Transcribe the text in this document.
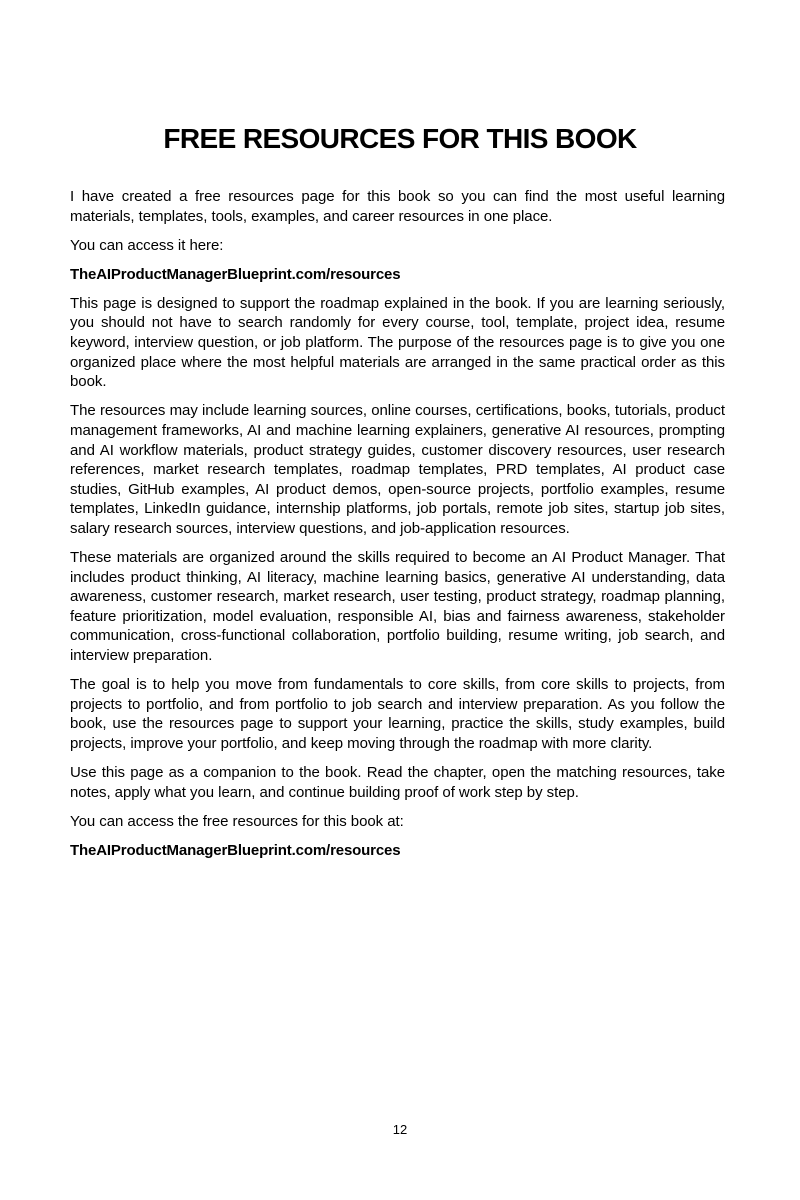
FREE RESOURCES FOR THIS BOOK

I have created a free resources page for this book so you can find the most useful learning materials, templates, tools, examples, and career resources in one place.

You can access it here:

TheAIProductManagerBlueprint.com/resources

This page is designed to support the roadmap explained in the book. If you are learning seriously, you should not have to search randomly for every course, tool, template, project idea, resume keyword, interview question, or job platform. The purpose of the resources page is to give you one organized place where the most helpful materials are arranged in the same practical order as this book.

The resources may include learning sources, online courses, certifications, books, tutorials, product management frameworks, AI and machine learning explainers, generative AI resources, prompting and AI workflow materials, product strategy guides, customer discovery resources, user research references, market research templates, roadmap templates, PRD templates, AI product case studies, GitHub examples, AI product demos, open-source projects, portfolio examples, resume templates, LinkedIn guidance, internship platforms, job portals, remote job sites, startup job sites, salary research sources, interview questions, and job-application resources.

These materials are organized around the skills required to become an AI Product Manager. That includes product thinking, AI literacy, machine learning basics, generative AI understanding, data awareness, customer research, market research, user testing, product strategy, roadmap planning, feature prioritization, model evaluation, responsible AI, bias and fairness awareness, stakeholder communication, cross-functional collaboration, portfolio building, resume writing, job search, and interview preparation.

The goal is to help you move from fundamentals to core skills, from core skills to projects, from projects to portfolio, and from portfolio to job search and interview preparation. As you follow the book, use the resources page to support your learning, practice the skills, study examples, build projects, improve your portfolio, and keep moving through the roadmap with more clarity.

Use this page as a companion to the book. Read the chapter, open the matching resources, take notes, apply what you learn, and continue building proof of work step by step.

You can access the free resources for this book at:

TheAIProductManagerBlueprint.com/resources

12
